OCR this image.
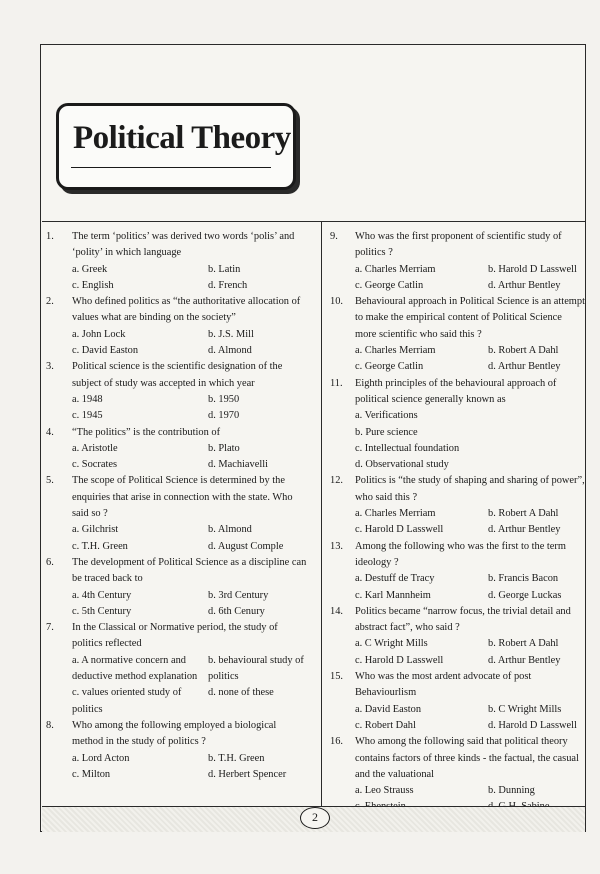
Political Theory
1. The term ‘politics’ was derived two words ‘polis’ and ‘polity’ in which language
a. Greek	b. Latin
c. English	d. French
2. Who defined politics as “the authoritative allocation of values what are binding on the society”
a. John Lock	b. J.S. Mill
c. David Easton	d. Almond
3. Political science is the scientific designation of the subject of study was accepted in which year
a. 1948	b. 1950
c. 1945	d. 1970
4. “The politics” is the contribution of
a. Aristotle	b. Plato
c. Socrates	d. Machiavelli
5. The scope of Political Science is determined by the enquiries that arise in connection with the state. Who said so ?
a. Gilchrist	b. Almond
c. T.H. Green	d. August Comple
6. The development of Political Science as a discipline can be traced back to
a. 4th Century	b. 3rd Century
c. 5th Century	d. 6th Cenury
7. In the Classical or Normative period, the study of politics reflected
a. A normative concern and deductive method explanation
b. behavioural study of politics
c. values oriented study of politics
d. none of these
8. Who among the following employed a biological method in the study of politics ?
a. Lord Acton	b. T.H. Green
c. Milton	d. Herbert Spencer
9. Who was the first proponent of scientific study of politics ?
a. Charles Merriam	b. Harold D Lasswell
c. George Catlin	d. Arthur Bentley
10. Behavioural approach in Political Science is an attempt to make the empirical content of Political Science more scientific who said this ?
a. Charles Merriam	b. Robert A Dahl
c. George Catlin	d. Arthur Bentley
11. Eighth principles of the behavioural approach of political science generally known as
a. Verifications
b. Pure science
c. Intellectual foundation
d. Observational study
12. Politics is “the study of shaping and sharing of power”, who said this ?
a. Charles Merriam	b. Robert A Dahl
c. Harold D Lasswell	d. Arthur Bentley
13. Among the following who was the first to the term ideology ?
a. Destuff de Tracy	b. Francis Bacon
c. Karl Mannheim	d. George Luckas
14. Politics became “narrow focus, the trivial detail and abstract fact”, who said ?
a. C Wright Mills	b. Robert A Dahl
c. Harold D Lasswell	d. Arthur Bentley
15. Who was the most ardent advocate of post Behaviourlism
a. David Easton	b. C Wright Mills
c. Robert Dahl	d. Harold D Lasswell
16. Who among the following said that political theory contains factors of three kinds - the factual, the casual and the valuational
a. Leo Strauss	b. Dunning
2
